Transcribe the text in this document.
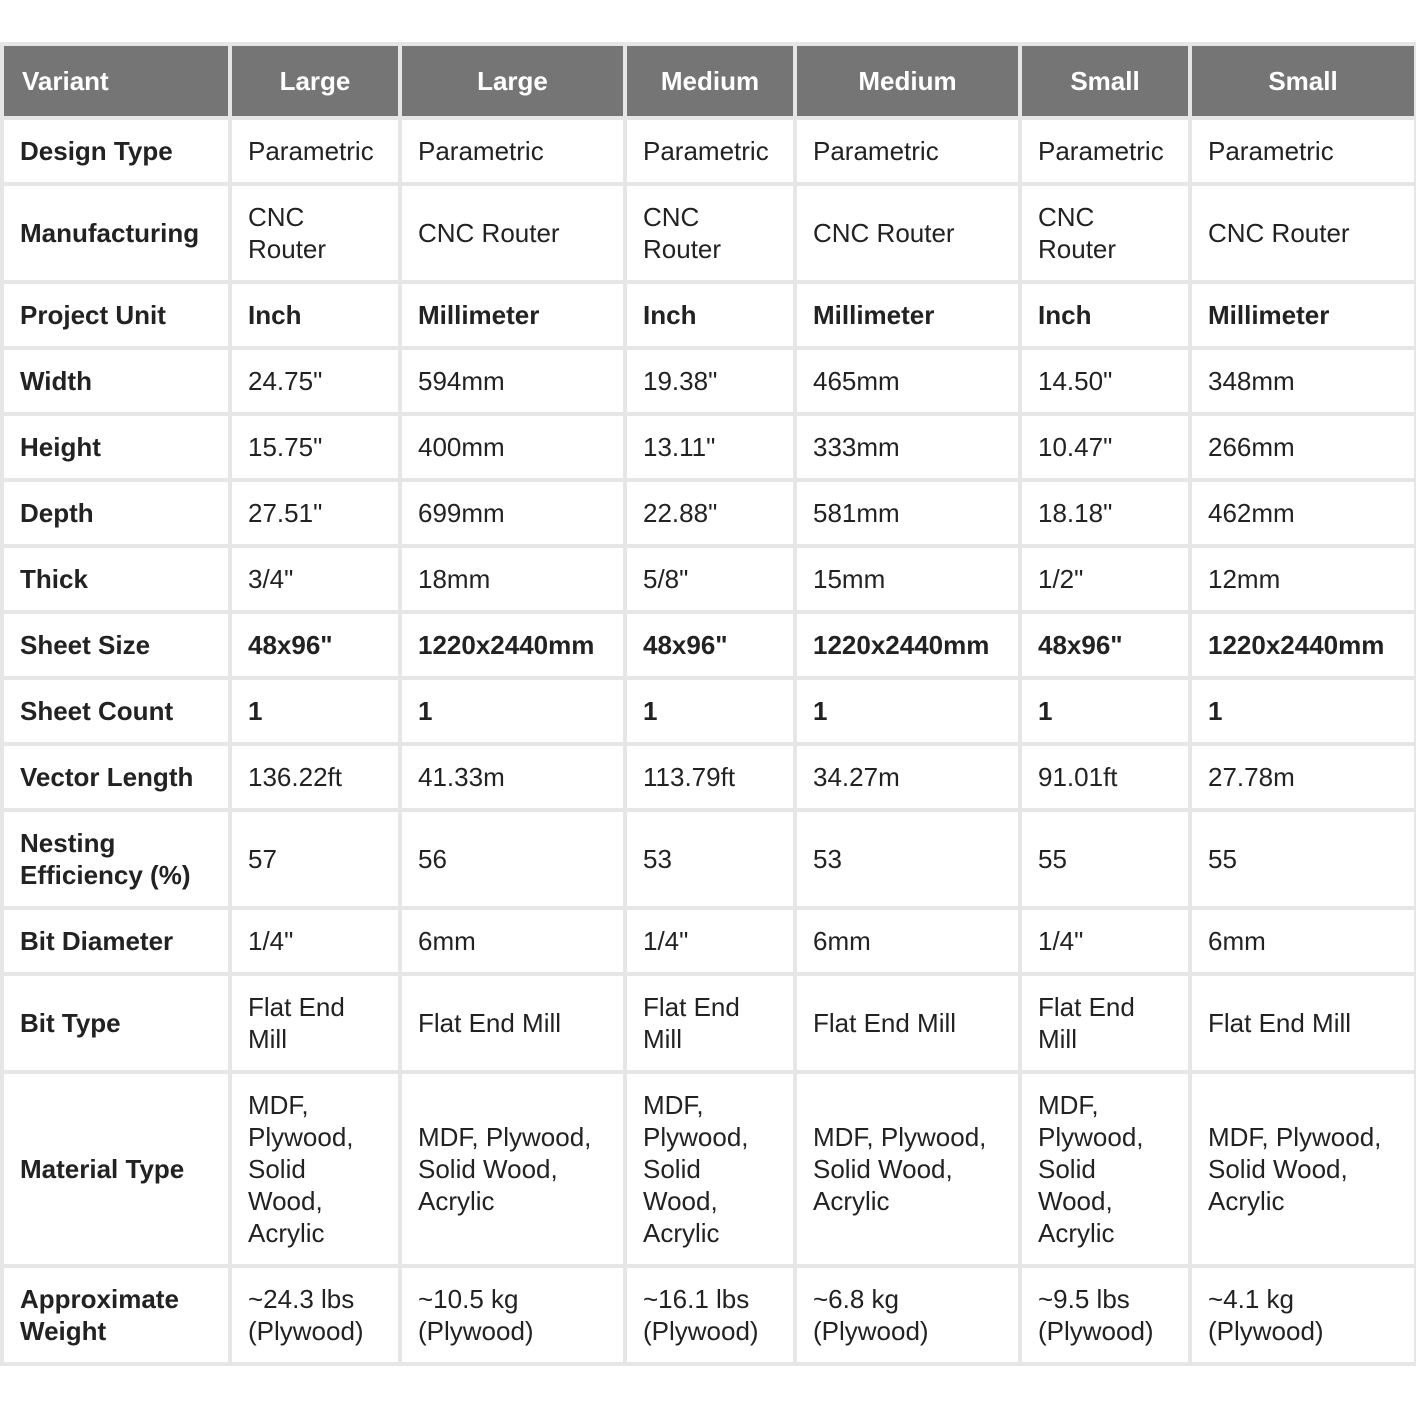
Variant	Large	Large	Medium	Medium	Small	Small
Design Type	Parametric	Parametric	Parametric	Parametric	Parametric	Parametric
Manufacturing	CNC Router	CNC Router	CNC Router	CNC Router	CNC Router	CNC Router
Project Unit	Inch	Millimeter	Inch	Millimeter	Inch	Millimeter
Width	24.75"	594mm	19.38"	465mm	14.50"	348mm
Height	15.75"	400mm	13.11"	333mm	10.47"	266mm
Depth	27.51"	699mm	22.88"	581mm	18.18"	462mm
Thick	3/4"	18mm	5/8"	15mm	1/2"	12mm
Sheet Size	48x96"	1220x2440mm	48x96"	1220x2440mm	48x96"	1220x2440mm
Sheet Count	1	1	1	1	1	1
Vector Length	136.22ft	41.33m	113.79ft	34.27m	91.01ft	27.78m
Nesting Efficiency (%)	57	56	53	53	55	55
Bit Diameter	1/4"	6mm	1/4"	6mm	1/4"	6mm
Bit Type	Flat End Mill	Flat End Mill	Flat End Mill	Flat End Mill	Flat End Mill	Flat End Mill
Material Type	MDF, Plywood, Solid Wood, Acrylic	MDF, Plywood, Solid Wood, Acrylic	MDF, Plywood, Solid Wood, Acrylic	MDF, Plywood, Solid Wood, Acrylic	MDF, Plywood, Solid Wood, Acrylic	MDF, Plywood, Solid Wood, Acrylic
Approximate Weight	~24.3 lbs (Plywood)	~10.5 kg (Plywood)	~16.1 lbs (Plywood)	~6.8 kg (Plywood)	~9.5 lbs (Plywood)	~4.1 kg (Plywood)
